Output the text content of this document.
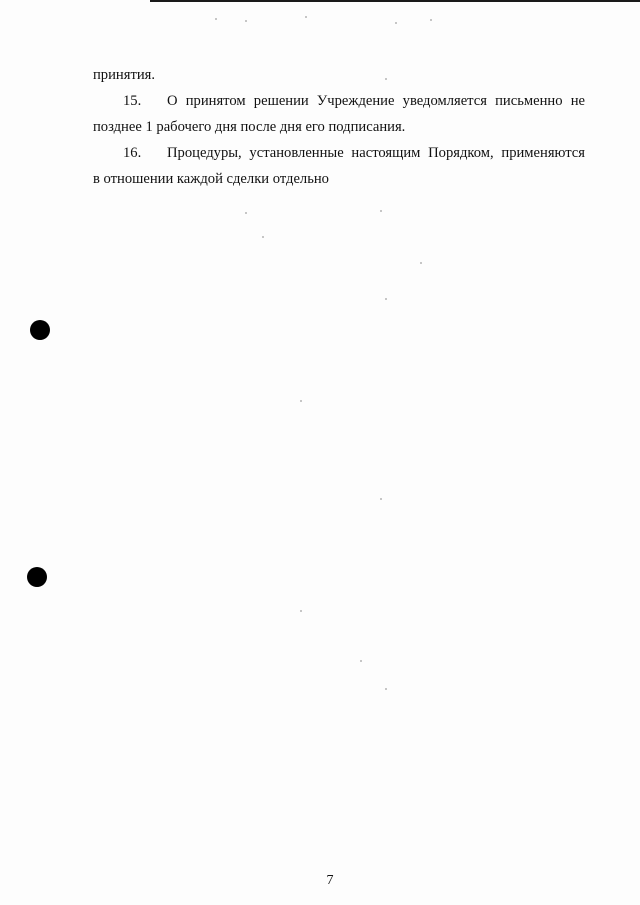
принятия.
15.	О принятом решении Учреждение уведомляется письменно не
позднее 1 рабочего дня после дня его подписания.
16.	Процедуры, установленные настоящим Порядком, применяются
в отношении каждой сделки отдельно
7
